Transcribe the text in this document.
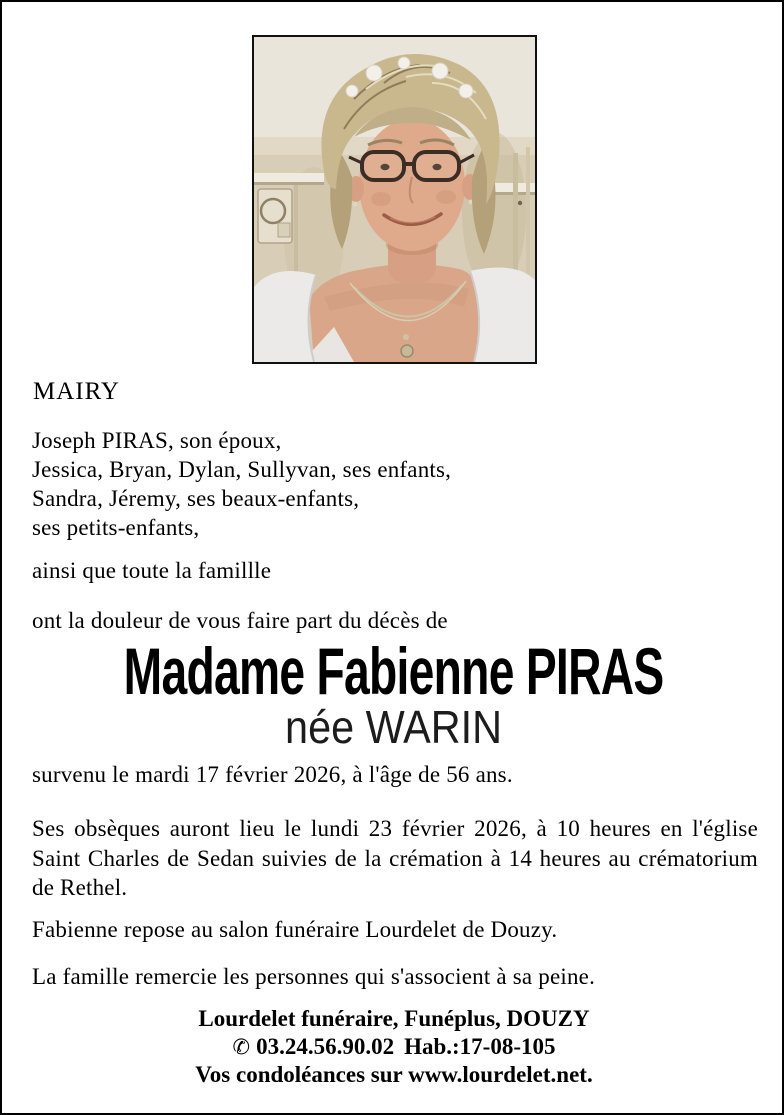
MAIRY
Joseph PIRAS, son époux,
Jessica, Bryan, Dylan, Sullyvan, ses enfants,
Sandra, Jéremy, ses beaux-enfants,
ses petits-enfants,
ainsi que toute la famillle
ont la douleur de vous faire part du décès de
Madame Fabienne PIRAS
née WARIN
survenu le mardi 17 février 2026, à l'âge de 56 ans.
Ses obsèques auront lieu le lundi 23 février 2026, à 10 heures en l'église Saint Charles de Sedan suivies de la crémation à 14 heures au crématorium de Rethel.
Fabienne repose au salon funéraire Lourdelet de Douzy.
La famille remercie les personnes qui s'associent à sa peine.
Lourdelet funéraire, Funéplus, DOUZY
✆ 03.24.56.90.02 Hab.:17-08-105
Vos condoléances sur www.lourdelet.net.
